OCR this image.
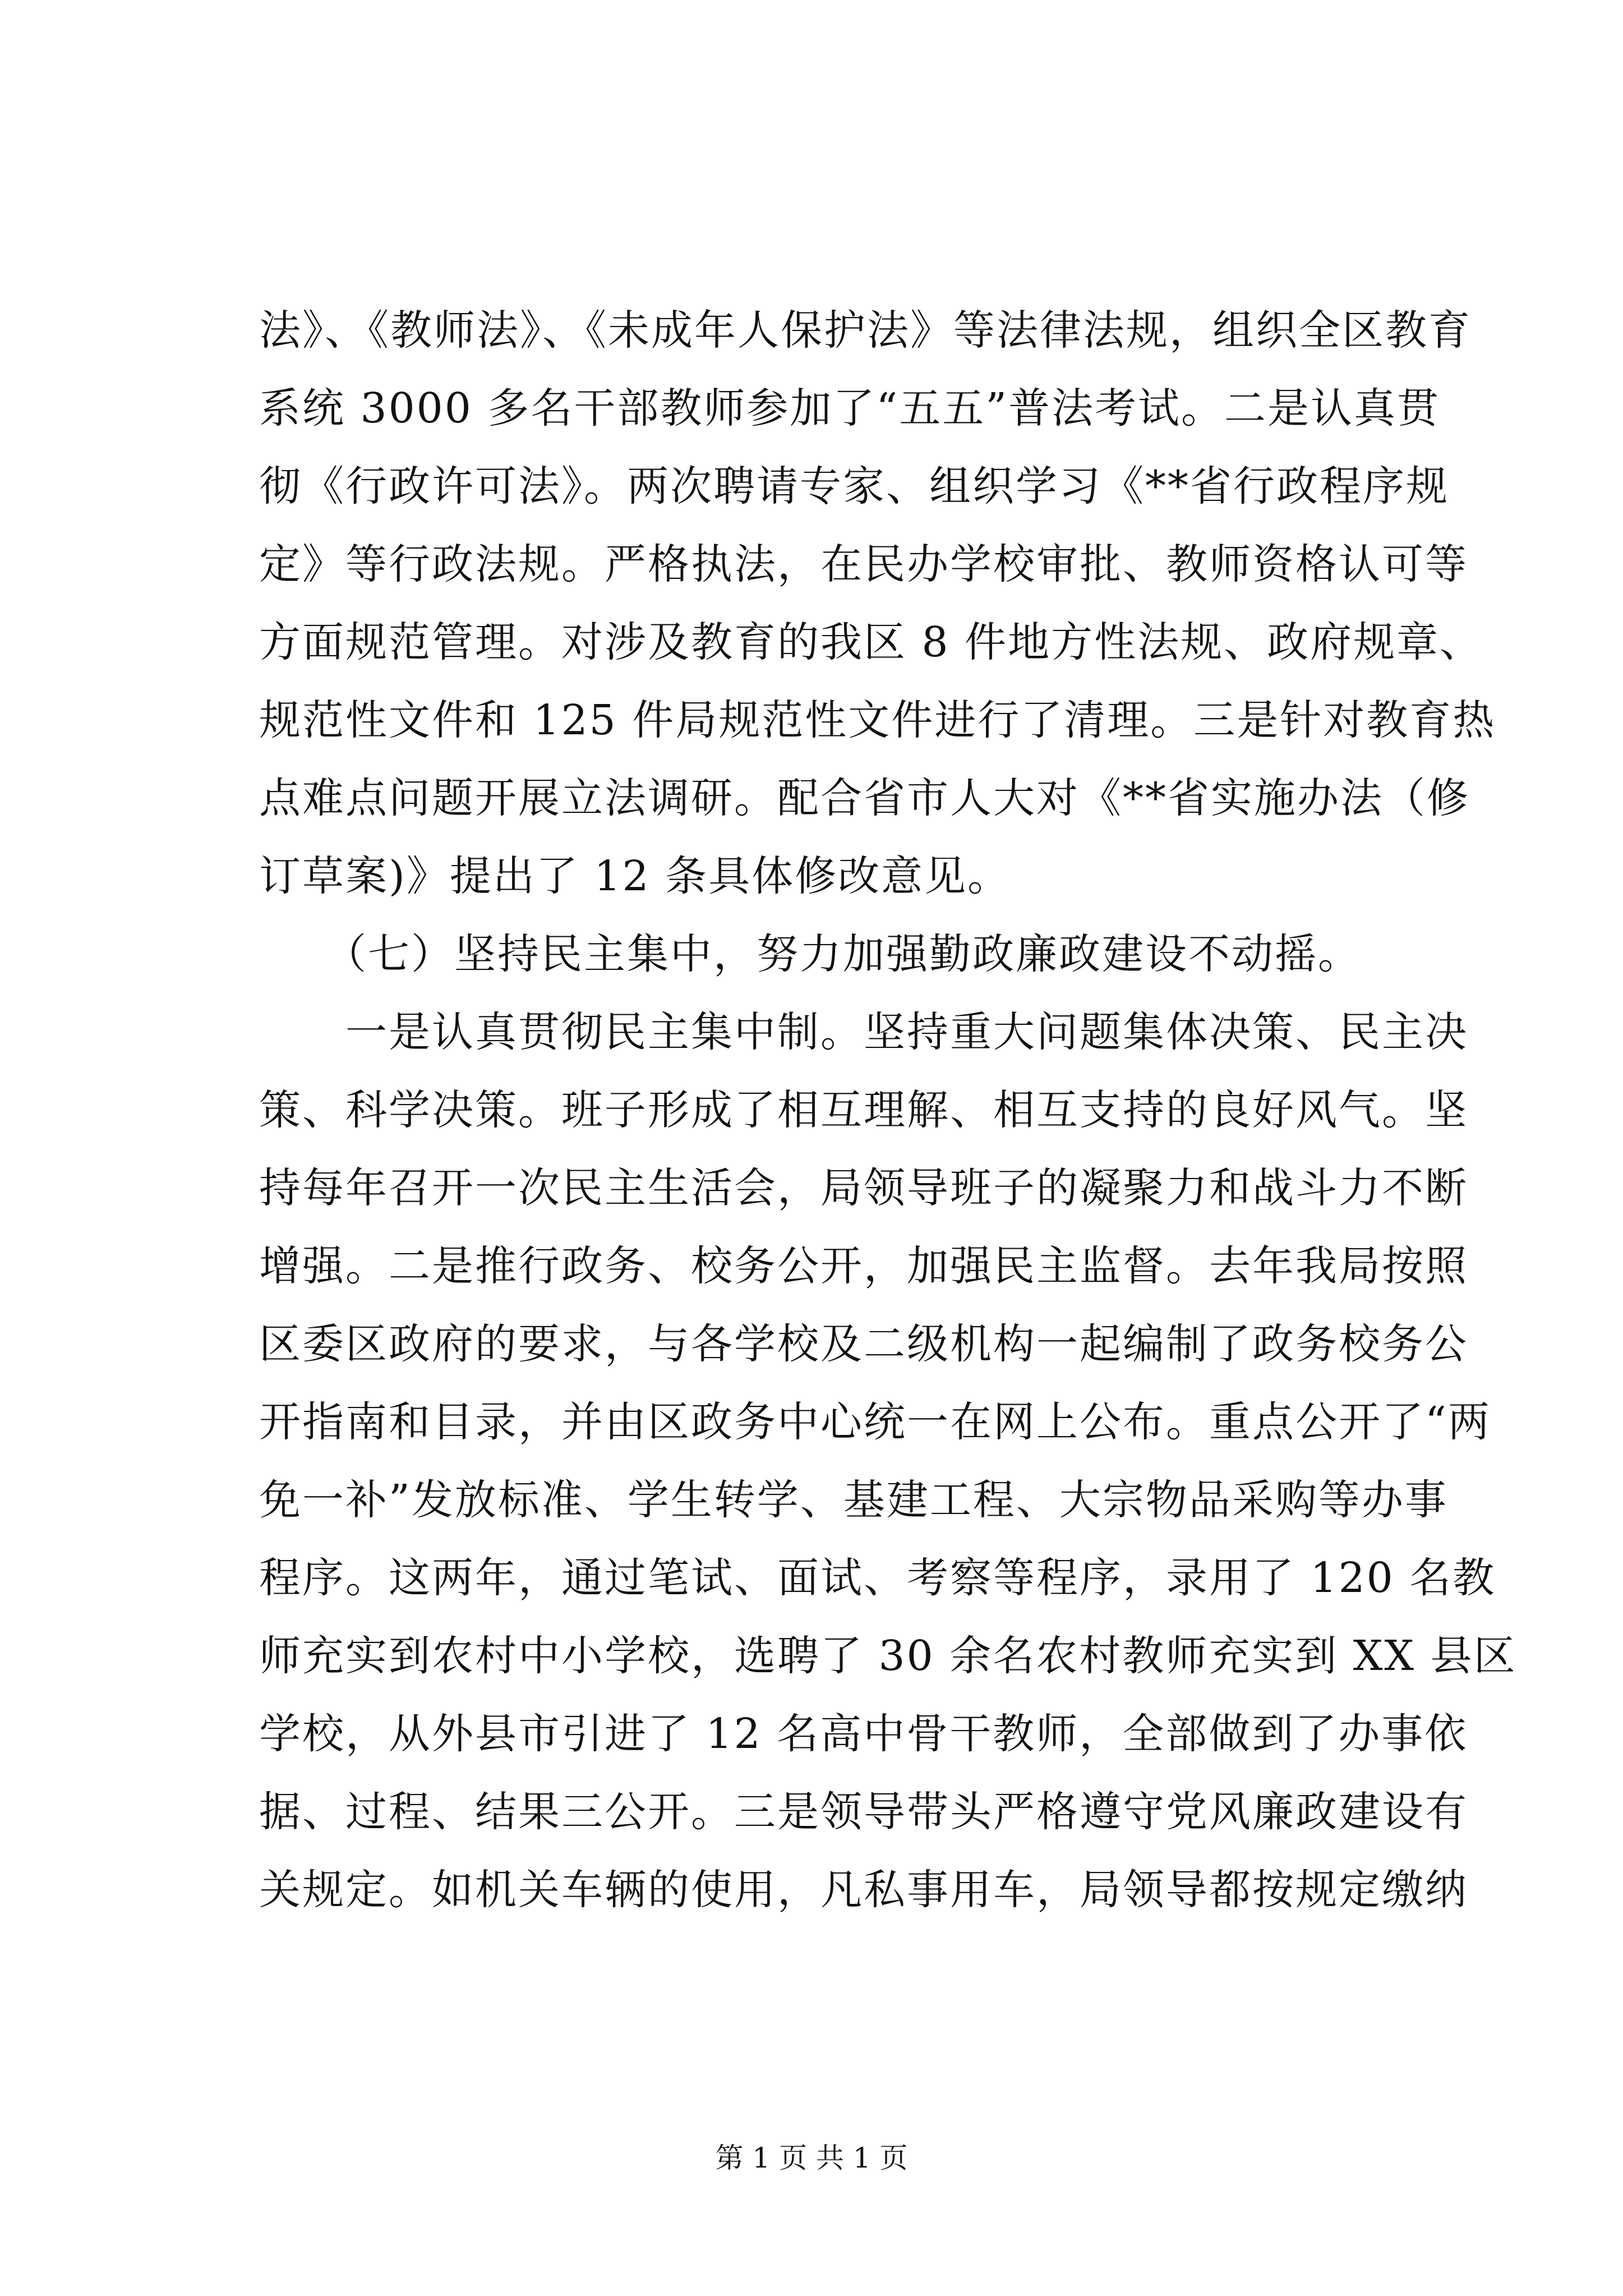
法》、《教师法》、《未成年人保护法》等法律法规，组织全区教育
系统 3000 多名干部教师参加了“五五”普法考试。二是认真贯
彻《行政许可法》。两次聘请专家、组织学习《**省行政程序规
定》等行政法规。严格执法，在民办学校审批、教师资格认可等
方面规范管理。对涉及教育的我区 8 件地方性法规、政府规章、
规范性文件和 125 件局规范性文件进行了清理。三是针对教育热
点难点问题开展立法调研。配合省市人大对《**省实施办法（修
订草案)》提出了 12 条具体修改意见。
　　（七）坚持民主集中，努力加强勤政廉政建设不动摇。
　　一是认真贯彻民主集中制。坚持重大问题集体决策、民主决
策、科学决策。班子形成了相互理解、相互支持的良好风气。坚
持每年召开一次民主生活会，局领导班子的凝聚力和战斗力不断
增强。二是推行政务、校务公开，加强民主监督。去年我局按照
区委区政府的要求，与各学校及二级机构一起编制了政务校务公
开指南和目录，并由区政务中心统一在网上公布。重点公开了“两
免一补”发放标准、学生转学、基建工程、大宗物品采购等办事
程序。这两年，通过笔试、面试、考察等程序，录用了 120 名教
师充实到农村中小学校，选聘了 30 余名农村教师充实到 XX 县区
学校，从外县市引进了 12 名高中骨干教师，全部做到了办事依
据、过程、结果三公开。三是领导带头严格遵守党风廉政建设有
关规定。如机关车辆的使用，凡私事用车，局领导都按规定缴纳
第 1 页 共 1 页
